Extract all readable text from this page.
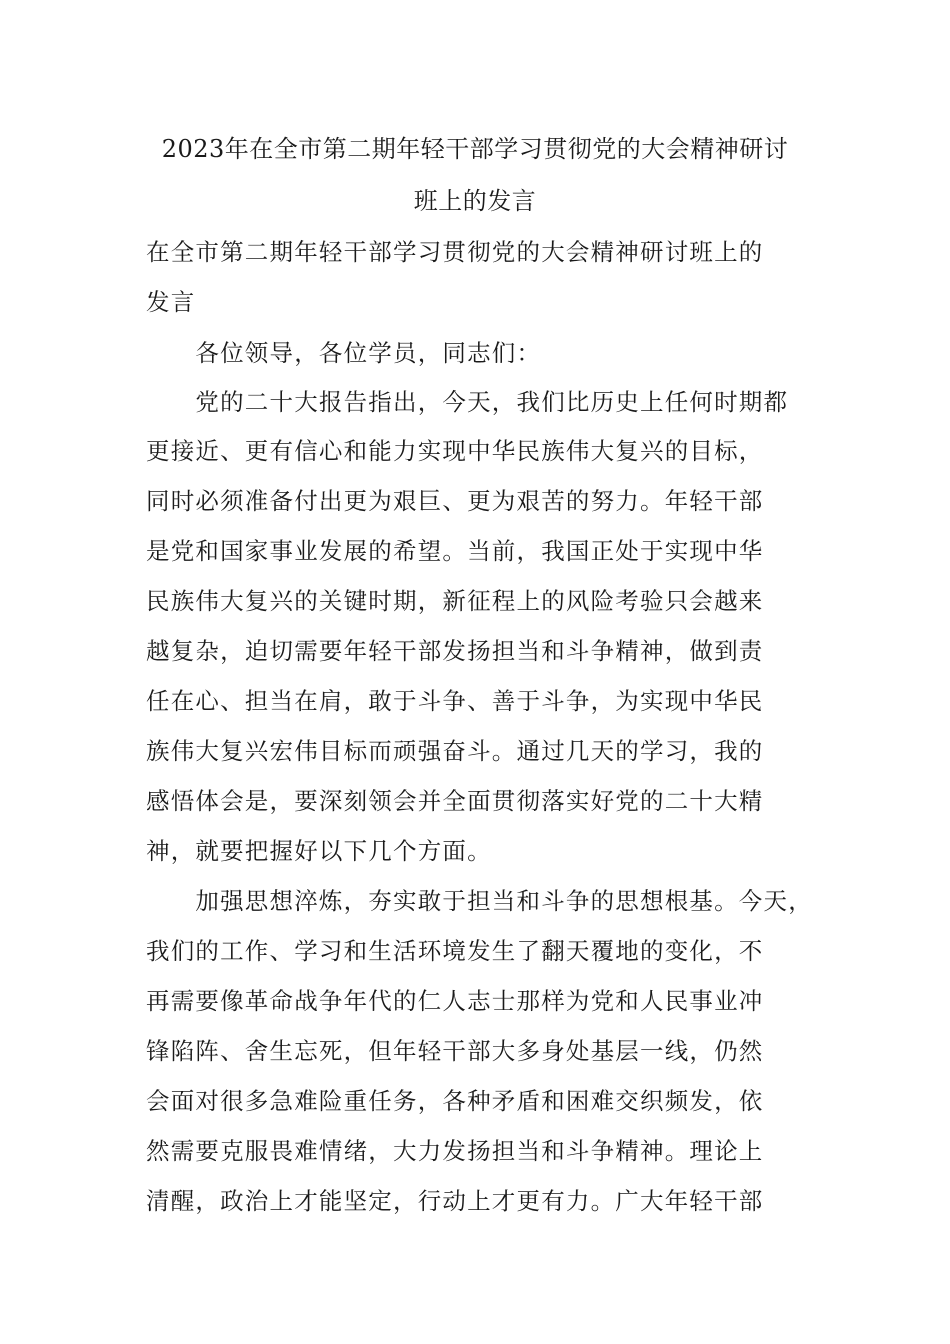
2023年在全市第二期年轻干部学习贯彻党的大会精神研讨
班上的发言
在全市第二期年轻干部学习贯彻党的大会精神研讨班上的
发言
　　各位领导，各位学员，同志们：
　　党的二十大报告指出，今天，我们比历史上任何时期都
更接近、更有信心和能力实现中华民族伟大复兴的目标，
同时必须准备付出更为艰巨、更为艰苦的努力。年轻干部
是党和国家事业发展的希望。当前，我国正处于实现中华
民族伟大复兴的关键时期，新征程上的风险考验只会越来
越复杂，迫切需要年轻干部发扬担当和斗争精神，做到责
任在心、担当在肩，敢于斗争、善于斗争，为实现中华民
族伟大复兴宏伟目标而顽强奋斗。通过几天的学习，我的
感悟体会是，要深刻领会并全面贯彻落实好党的二十大精
神，就要把握好以下几个方面。
　　加强思想淬炼，夯实敢于担当和斗争的思想根基。今天，
我们的工作、学习和生活环境发生了翻天覆地的变化，不
再需要像革命战争年代的仁人志士那样为党和人民事业冲
锋陷阵、舍生忘死，但年轻干部大多身处基层一线，仍然
会面对很多急难险重任务，各种矛盾和困难交织频发，依
然需要克服畏难情绪，大力发扬担当和斗争精神。理论上
清醒，政治上才能坚定，行动上才更有力。广大年轻干部
